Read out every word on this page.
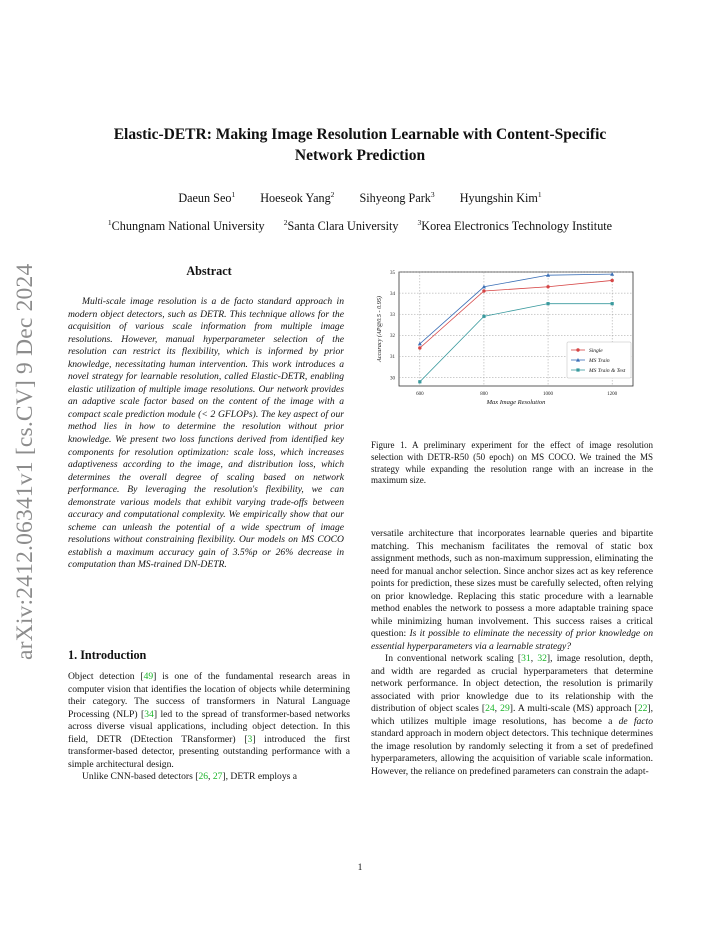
Elastic-DETR: Making Image Resolution Learnable with Content-Specific
Network Prediction
Daeun Seo$^1$ Hoeseok Yang$^2$ Sihyeong Park$^3$ Hyungshin Kim$^1$
$^1$Chungnam National University	$^2$Santa Clara University	$^3$Korea Electronics Technology Institute
arXiv:2412.06341v1 [cs.CV] 9 Dec 2024	Abstract

Multi-scale image resolution is a de facto standard approach in modern object detectors, such as DETR. This technique allows for the acquisition of various scale information from multiple image resolutions. However, manual hyperparameter selection of the resolution can restrict its flexibility, which is informed by prior knowledge, necessitating human intervention. This work introduces a novel strategy for learnable resolution, called Elastic-DETR, enabling elastic utilization of multiple image resolutions. Our network provides an adaptive scale factor based on the content of the image with a compact scale prediction module (< 2 GFLOPs). The key aspect of our method lies in how to determine the resolution without prior knowledge. We present two loss functions derived from identified key components for resolution optimization: scale loss, which increases adaptiveness according to the image, and distribution loss, which determines the overall degree of scaling based on network performance. By leveraging the resolution's flexibility, we can demonstrate various models that exhibit varying trade-offs between accuracy and computational complexity. We empirically show that our scheme can unleash the potential of a wide spectrum of image resolutions without constraining flexibility. Our models on MS COCO establish a maximum accuracy gain of 3.5%p or 26% decrease in computation than MS-trained DN-DETR.

1. Introduction

Object detection [49] is one of the fundamental research areas in computer vision that identifies the location of objects while determining their category. The success of transformers in Natural Language Processing (NLP) [34] led to the spread of transformer-based networks across diverse visual applications, including object detection. In this field, DETR (DEtection TRansformer) [3] introduced the first transformer-based detector, presenting outstanding performance with a simple architectural design.

Unlike CNN-based detectors [26, 27], DETR employs a

30
31
32
33
34
35
600	800	1000	1200
Max Image Resolution
Accuracy (AP@0.5 - 0.95)	Single
MS Train
MS Train & Test

Figure 1. A preliminary experiment for the effect of image resolution selection with DETR-R50 (50 epoch) on MS COCO. We trained the MS strategy while expanding the resolution range with an increase in the maximum size.

versatile architecture that incorporates learnable queries and bipartite matching. This mechanism facilitates the removal of static box assignment methods, such as non-maximum suppression, eliminating the need for manual anchor selection. Since anchor sizes act as key reference points for prediction, these sizes must be carefully selected, often relying on prior knowledge. Replacing this static procedure with a learnable method enables the network to possess a more adaptable training space while minimizing human involvement. This success raises a critical question: Is it possible to eliminate the necessity of prior knowledge on essential hyperparameters via a learnable strategy?

In conventional network scaling [31, 32], image resolution, depth, and width are regarded as crucial hyperparameters that determine network performance. In object detection, the resolution is primarily associated with prior knowledge due to its relationship with the distribution of object scales [24, 29]. A multi-scale (MS) approach [22], which utilizes multiple image resolutions, has become a de facto standard approach in modern object detectors. This technique determines the image resolution by randomly selecting it from a set of predefined hyperparameters, allowing the acquisition of variable scale information. However, the reliance on predefined parameters can constrain the adapt-

1
